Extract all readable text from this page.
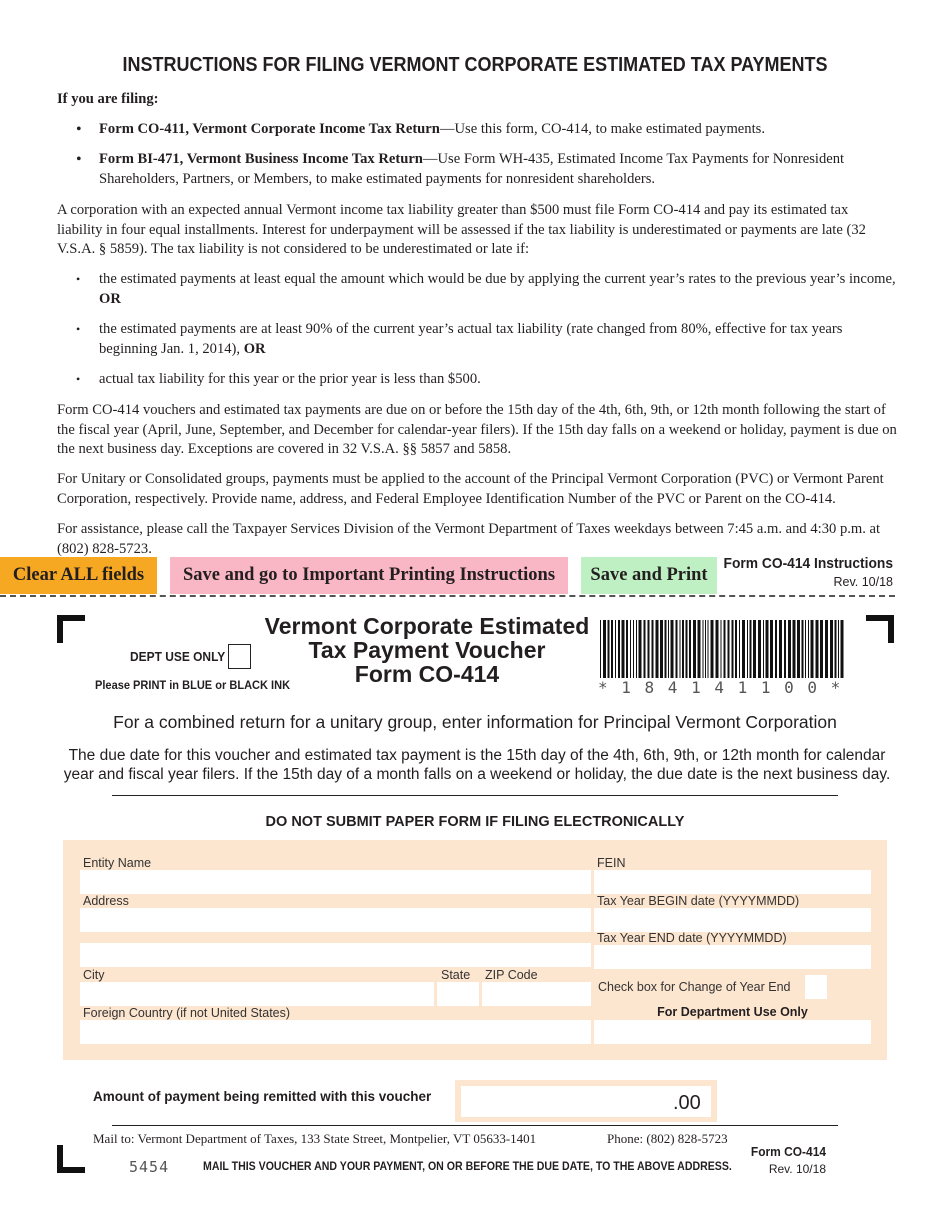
INSTRUCTIONS FOR FILING VERMONT CORPORATE ESTIMATED TAX PAYMENTS
If you are filing:
• Form CO-411, Vermont Corporate Income Tax Return—Use this form, CO-414, to make estimated payments.
• Form BI-471, Vermont Business Income Tax Return—Use Form WH-435, Estimated Income Tax Payments for Nonresident Shareholders, Partners, or Members, to make estimated payments for nonresident shareholders.
A corporation with an expected annual Vermont income tax liability greater than $500 must file Form CO-414 and pay its estimated tax liability in four equal installments. Interest for underpayment will be assessed if the tax liability is underestimated or payments are late (32 V.S.A. § 5859). The tax liability is not considered to be underestimated or late if:
• the estimated payments at least equal the amount which would be due by applying the current year’s rates to the previous year’s income, OR
• the estimated payments are at least 90% of the current year’s actual tax liability (rate changed from 80%, effective for tax years beginning Jan. 1, 2014), OR
• actual tax liability for this year or the prior year is less than $500.
Form CO-414 vouchers and estimated tax payments are due on or before the 15th day of the 4th, 6th, 9th, or 12th month following the start of the fiscal year (April, June, September, and December for calendar-year filers). If the 15th day falls on a weekend or holiday, payment is due on the next business day. Exceptions are covered in 32 V.S.A. §§ 5857 and 5858.
For Unitary or Consolidated groups, payments must be applied to the account of the Principal Vermont Corporation (PVC) or Vermont Parent Corporation, respectively. Provide name, address, and Federal Employee Identification Number of the PVC or Parent on the CO-414.
For assistance, please call the Taxpayer Services Division of the Vermont Department of Taxes weekdays between 7:45 a.m. and 4:30 p.m. at (802) 828-5723.
Clear ALL fields	Save and go to Important Printing Instructions	Save and Print
Form CO-414 Instructions
Rev. 10/18
DEPT USE ONLY
Please PRINT in BLUE or BLACK INK
Vermont Corporate Estimated
Tax Payment Voucher
Form CO-414
* 1 8 4 1 4 1 1 0 0 *
For a combined return for a unitary group, enter information for Principal Vermont Corporation
The due date for this voucher and estimated tax payment is the 15th day of the 4th, 6th, 9th, or 12th month for calendar year and fiscal year filers. If the 15th day of a month falls on a weekend or holiday, the due date is the next business day.
DO NOT SUBMIT PAPER FORM IF FILING ELECTRONICALLY
Entity Name
Address
City	State ZIP Code
Foreign Country (if not United States)
FEIN
Tax Year BEGIN date (YYYYMMDD)
Tax Year END date (YYYYMMDD)
Check box for Change of Year End
For Department Use Only
Amount of payment being remitted with this voucher	.00
Mail to: Vermont Department of Taxes, 133 State Street, Montpelier, VT 05633-1401	Phone: (802) 828-5723
5454	MAIL THIS VOUCHER AND YOUR PAYMENT, ON OR BEFORE THE DUE DATE, TO THE ABOVE ADDRESS.
Form CO-414
Rev. 10/18
